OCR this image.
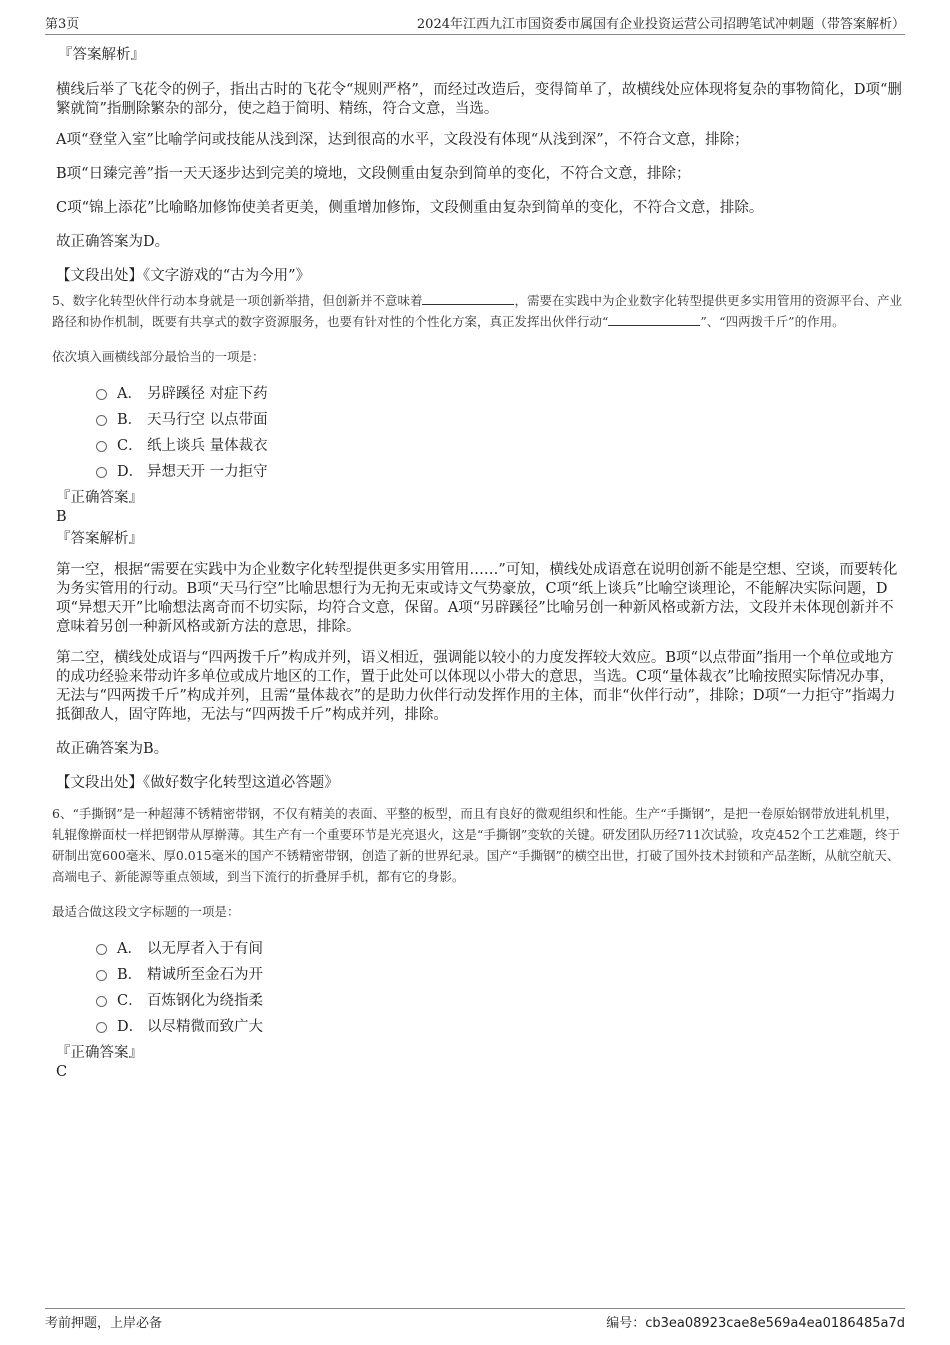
第3页	2024年江西九江市国资委市属国有企业投资运营公司招聘笔试冲刺题（带答案解析）

『答案解析』

横线后举了飞花令的例子，指出古时的飞花令“规则严格”，而经过改造后，变得简单了，故横线处应体现将复杂的事物简化，D项“删繁就简”指删除繁杂的部分，使之趋于简明、精练，符合文意，当选。

A项“登堂入室”比喻学问或技能从浅到深，达到很高的水平，文段没有体现“从浅到深”，不符合文意，排除；

B项“日臻完善”指一天天逐步达到完美的境地，文段侧重由复杂到简单的变化，不符合文意，排除；

C项“锦上添花”比喻略加修饰使美者更美，侧重增加修饰，文段侧重由复杂到简单的变化，不符合文意，排除。

故正确答案为D。

【文段出处】《文字游戏的“古为今用”》

5、数字化转型伙伴行动本身就是一项创新举措，但创新并不意味着	，需要在实践中为企业数字化转型提供更多实用管用的资源平台、产业路径和协作机制，既要有共享式的数字资源服务，也要有针对性的个性化方案，真正发挥出伙伴行动“	”、“四两拨千斤”的作用。

依次填入画横线部分最恰当的一项是：

A． 另辟蹊径 对症下药
B． 天马行空 以点带面
C． 纸上谈兵 量体裁衣
D． 异想天开 一力拒守

『正确答案』

B

『答案解析』

第一空，根据“需要在实践中为企业数字化转型提供更多实用管用……”可知，横线处成语意在说明创新不能是空想、空谈，而要转化为务实管用的行动。B项“天马行空”比喻思想行为无拘无束或诗文气势豪放，C项“纸上谈兵”比喻空谈理论，不能解决实际问题，D项“异想天开”比喻想法离奇而不切实际，均符合文意，保留。A项“另辟蹊径”比喻另创一种新风格或新方法，文段并未体现创新并不意味着另创一种新风格或新方法的意思，排除。

第二空，横线处成语与“四两拨千斤”构成并列，语义相近，强调能以较小的力度发挥较大效应。B项“以点带面”指用一个单位或地方的成功经验来带动许多单位或成片地区的工作，置于此处可以体现以小带大的意思，当选。C项“量体裁衣”比喻按照实际情况办事，无法与“四两拨千斤”构成并列，且需“量体裁衣”的是助力伙伴行动发挥作用的主体，而非“伙伴行动”，排除；D项“一力拒守”指竭力抵御敌人，固守阵地，无法与“四两拨千斤”构成并列，排除。

故正确答案为B。

【文段出处】《做好数字化转型这道必答题》

6、“手撕钢”是一种超薄不锈精密带钢，不仅有精美的表面、平整的板型，而且有良好的微观组织和性能。生产“手撕钢”，是把一卷原始钢带放进轧机里，轧辊像擀面杖一样把钢带从厚擀薄。其生产有一个重要环节是光亮退火，这是“手撕钢”变软的关键。研发团队历经711次试验，攻克452个工艺难题，终于研制出宽600毫米、厚0.015毫米的国产不锈精密带钢，创造了新的世界纪录。国产“手撕钢”的横空出世，打破了国外技术封锁和产品垄断，从航空航天、高端电子、新能源等重点领域，到当下流行的折叠屏手机，都有它的身影。

最适合做这段文字标题的一项是：

A． 以无厚者入于有间
B． 精诚所至金石为开
C． 百炼钢化为绕指柔
D． 以尽精微而致广大

『正确答案』

C

考前押题，上岸必备	编号：cb3ea08923cae8e569a4ea0186485a7d
